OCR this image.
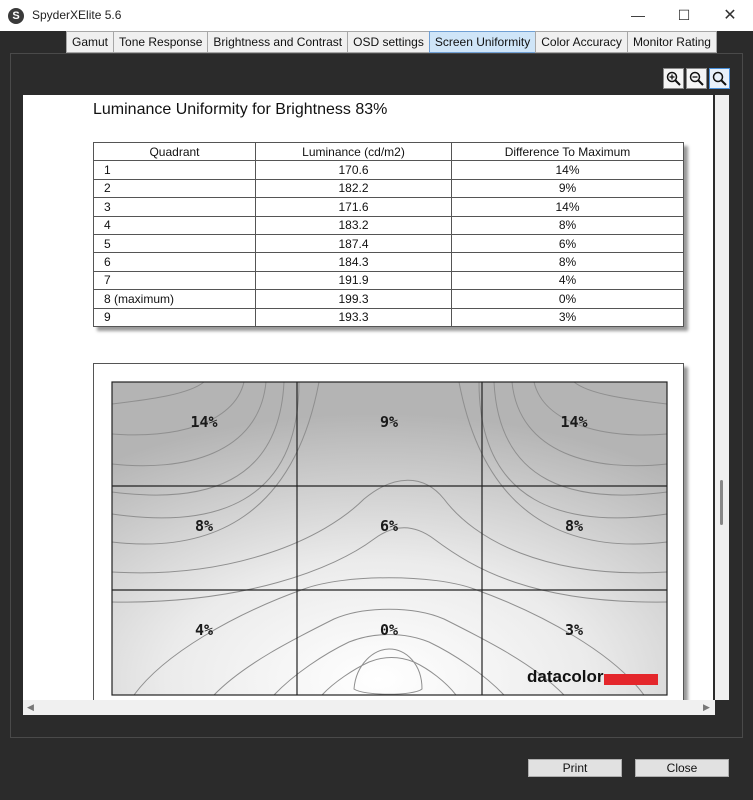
S	SpyderXElite 5.6	—	☐	✕
Gamut Tone Response Brightness and Contrast OSD settings Screen Uniformity Color Accuracy Monitor Rating
Luminance Uniformity for Brightness 83%
Quadrant	Luminance (cd/m2)	Difference To Maximum
1	170.6	14%
2	182.2	9%
3	171.6	14%
4	183.2	8%
5	187.4	6%
6	184.3	8%
7	191.9	4%
8 (maximum)	199.3	0%
9	193.3	3%
14%	9%	14%
8%	6%	8%
4%	0%	3%
datacolor
◀	▶
Print	Close
